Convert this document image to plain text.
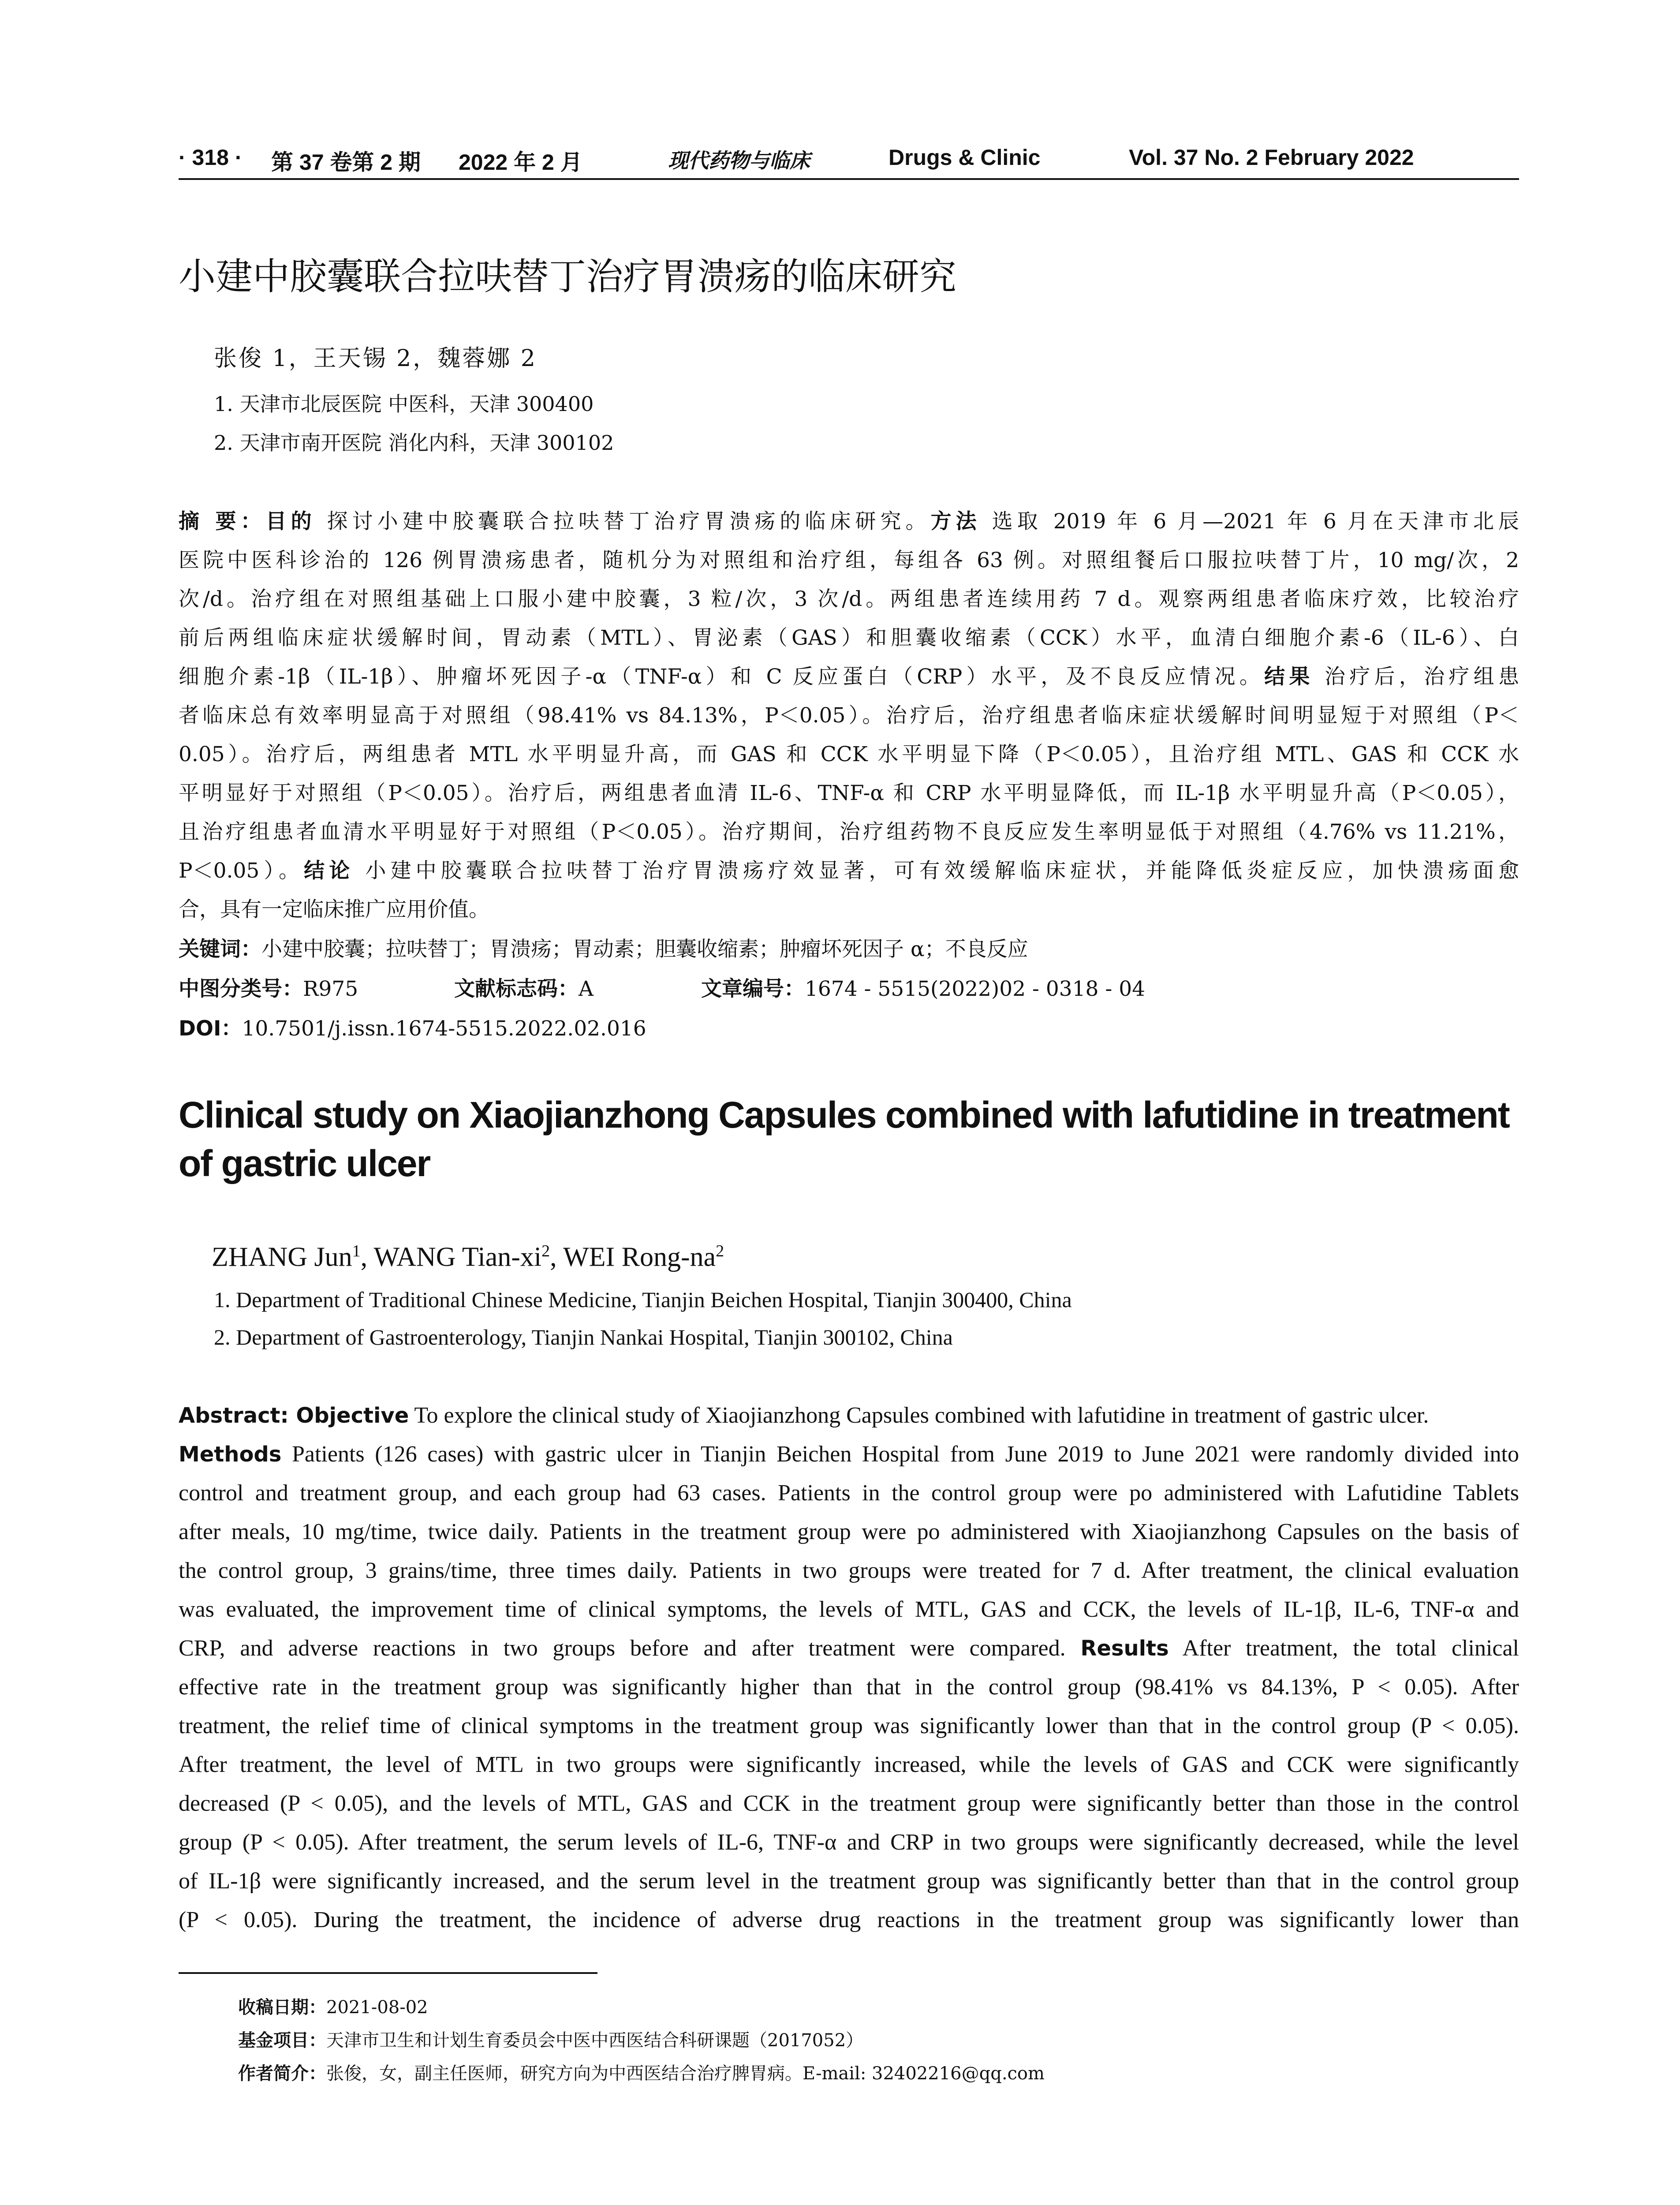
· 318 · 第 37 卷第 2 期 2022 年 2 月	现代药物与临床	Drugs & Clinic	Vol. 37 No. 2 February 2022
小建中胶囊联合拉呋替丁治疗胃溃疡的临床研究
张俊 1，王天锡 2，魏蓉娜 2
1. 天津市北辰医院 中医科，天津 300400
2. 天津市南开医院 消化内科，天津 300102
摘 要：目的 探讨小建中胶囊联合拉呋替丁治疗胃溃疡的临床研究。方法 选取 2019 年 6 月—2021 年 6 月在天津市北辰
医院中医科诊治的 126 例胃溃疡患者，随机分为对照组和治疗组，每组各 63 例。对照组餐后口服拉呋替丁片，10 mg/次，2
次/d。治疗组在对照组基础上口服小建中胶囊，3 粒/次，3 次/d。两组患者连续用药 7 d。观察两组患者临床疗效，比较治疗
前后两组临床症状缓解时间，胃动素（MTL）、胃泌素（GAS）和胆囊收缩素（CCK）水平，血清白细胞介素-6（IL-6）、白
细胞介素-1β（IL-1β）、肿瘤坏死因子-α（TNF-α）和 C 反应蛋白（CRP）水平，及不良反应情况。结果 治疗后，治疗组患
者临床总有效率明显高于对照组（98.41% vs 84.13%，P＜0.05）。治疗后，治疗组患者临床症状缓解时间明显短于对照组（P＜
0.05）。治疗后，两组患者 MTL 水平明显升高，而 GAS 和 CCK 水平明显下降（P＜0.05），且治疗组 MTL、GAS 和 CCK 水
平明显好于对照组（P＜0.05）。治疗后，两组患者血清 IL-6、TNF-α 和 CRP 水平明显降低，而 IL-1β 水平明显升高（P＜0.05），
且治疗组患者血清水平明显好于对照组（P＜0.05）。治疗期间，治疗组药物不良反应发生率明显低于对照组（4.76% vs 11.21%，
P＜0.05）。结论 小建中胶囊联合拉呋替丁治疗胃溃疡疗效显著，可有效缓解临床症状，并能降低炎症反应，加快溃疡面愈
合，具有一定临床推广应用价值。
关键词：小建中胶囊；拉呋替丁；胃溃疡；胃动素；胆囊收缩素；肿瘤坏死因子 α；不良反应
中图分类号：R975	文献标志码：A	文章编号：1674 - 5515(2022)02 - 0318 - 04
DOI：10.7501/j.issn.1674-5515.2022.02.016
Clinical study on Xiaojianzhong Capsules combined with lafutidine in treatment
of gastric ulcer
ZHANG Jun$^1$, WANG Tian-$xi^2$, WEI Rong-$na^2$
1. Department of Traditional Chinese Medicine, Tianjin Beichen Hospital, Tianjin 300400, China
2. Department of Gastroenterology, Tianjin Nankai Hospital, Tianjin 300102, China
Abstract: Objective To explore the clinical study of Xiaojianzhong Capsules combined with lafutidine in treatment of gastric ulcer.
Methods Patients (126 cases) with gastric ulcer in Tianjin Beichen Hospital from June 2019 to June 2021 were randomly divided into
control and treatment group, and each group had 63 cases. Patients in the control group were po administered with Lafutidine Tablets
after meals, 10 mg/time, twice daily. Patients in the treatment group were po administered with Xiaojianzhong Capsules on the basis of
the control group, 3 grains/time, three times daily. Patients in two groups were treated for 7 d. After treatment, the clinical evaluation
was evaluated, the improvement time of clinical symptoms, the levels of MTL, GAS and CCK, the levels of IL-1β, IL-6, TNF-α and
CRP, and adverse reactions in two groups before and after treatment were compared. Results After treatment, the total clinical
effective rate in the treatment group was significantly higher than that in the control group (98.41% vs 84.13%, P < 0.05). After
treatment, the relief time of clinical symptoms in the treatment group was significantly lower than that in the control group (P < 0.05).
After treatment, the level of MTL in two groups were significantly increased, while the levels of GAS and CCK were significantly
decreased (P < 0.05), and the levels of MTL, GAS and CCK in the treatment group were significantly better than those in the control
group (P < 0.05). After treatment, the serum levels of IL-6, TNF-α and CRP in two groups were significantly decreased, while the level
of IL-1β were significantly increased, and the serum level in the treatment group was significantly better than that in the control group
(P < 0.05). During the treatment, the incidence of adverse drug reactions in the treatment group was significantly lower than
收稿日期：2021-08-02
基金项目：天津市卫生和计划生育委员会中医中西医结合科研课题（2017052）
作者简介：张俊，女，副主任医师，研究方向为中西医结合治疗脾胃病。E-mail: 32402216@qq.com
